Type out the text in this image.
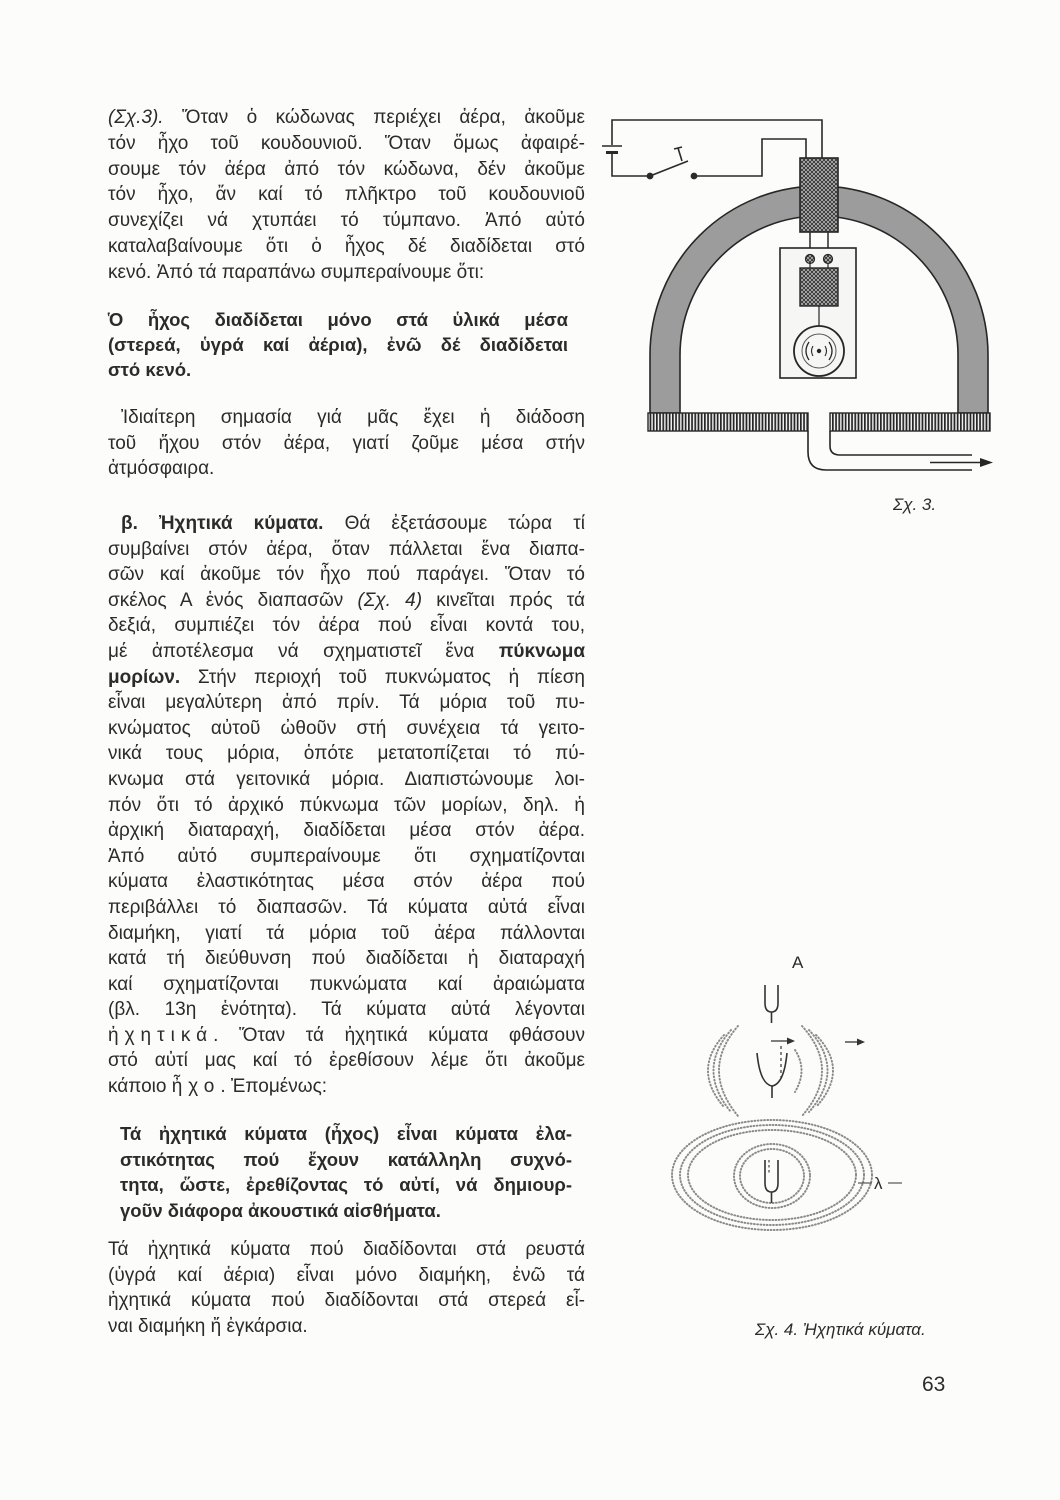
(Σχ.3). Ὅταν ὁ κώδωνας περιέχει ἀέρα, ἀκοῦμε
τόν ἦχο τοῦ κουδουνιοῦ. Ὅταν ὅμως ἀφαιρέ-
σουμε τόν ἀέρα ἀπό τόν κώδωνα, δέν ἀκοῦμε
τόν ἦχο, ἄν καί τό πλῆκτρο τοῦ κουδουνιοῦ
συνεχίζει νά χτυπάει τό τύμπανο. Ἀπό αὐτό
καταλαβαίνουμε ὅτι ὁ ἦχος δέ διαδίδεται στό
κενό. Ἀπό τά παραπάνω συμπεραίνουμε ὅτι:
Ὁ ἦχος διαδίδεται μόνο στά ὑλικά μέσα
(στερεά, ὑγρά καί ἀέρια), ἐνῶ δέ διαδίδεται
στό κενό.
Ἰδιαίτερη σημασία γιά μᾶς ἔχει ἡ διάδοση
τοῦ ἤχου στόν ἀέρα, γιατί ζοῦμε μέσα στήν
ἀτμόσφαιρα.
β. Ἠχητικά κύματα. Θά ἐξετάσουμε τώρα τί
συμβαίνει στόν ἀέρα, ὅταν πάλλεται ἕνα διαπα-
σῶν καί ἀκοῦμε τόν ἦχο πού παράγει. Ὅταν τό
σκέλος Α ἑνός διαπασῶν (Σχ. 4) κινεῖται πρός τά
δεξιά, συμπιέζει τόν ἀέρα πού εἶναι κοντά του,
μέ ἀποτέλεσμα νά σχηματιστεῖ ἕνα πύκνωμα
μορίων. Στήν περιοχή τοῦ πυκνώματος ἡ πίεση
εἶναι μεγαλύτερη ἀπό πρίν. Τά μόρια τοῦ πυ-
κνώματος αὐτοῦ ὠθοῦν στή συνέχεια τά γειτο-
νικά τους μόρια, ὁπότε μετατοπίζεται τό πύ-
κνωμα στά γειτονικά μόρια. Διαπιστώνουμε λοι-
πόν ὅτι τό ἀρχικό πύκνωμα τῶν μορίων, δηλ. ἡ
ἀρχική διαταραχή, διαδίδεται μέσα στόν ἀέρα.
Ἀπό αὐτό συμπεραίνουμε ὅτι σχηματίζονται
κύματα ἐλαστικότητας μέσα στόν ἀέρα πού
περιβάλλει τό διαπασῶν. Τά κύματα αὐτά εἶναι
διαμήκη, γιατί τά μόρια τοῦ ἀέρα πάλλονται
κατά τή διεύθυνση πού διαδίδεται ἡ διαταραχή
καί σχηματίζονται πυκνώματα καί ἀραιώματα
(βλ. 13η ἑνότητα). Τά κύματα αὐτά λέγονται
ἠχητικά. Ὅταν τά ἠχητικά κύματα φθάσουν
στό αὐτί μας καί τό ἐρεθίσουν λέμε ὅτι ἀκοῦμε
κάποιο ἦχο. Ἐπομένως:
Τά ἠχητικά κύματα (ἦχος) εἶναι κύματα ἐλα-
στικότητας πού ἔχουν κατάλληλη συχνό-
τητα, ὥστε, ἐρεθίζοντας τό αὐτί, νά δημιουρ-
γοῦν διάφορα ἀκουστικά αἰσθήματα.
Τά ἠχητικά κύματα πού διαδίδονται στά ρευστά
(ὑγρά καί ἀέρια) εἶναι μόνο διαμήκη, ἐνῶ τά
ἠχητικά κύματα πού διαδίδονται στά στερεά εἶ-
ναι διαμήκη ἤ ἐγκάρσια.
Σχ. 3.
Α
λ
Σχ. 4. Ἠχητικά κύματα.
63
